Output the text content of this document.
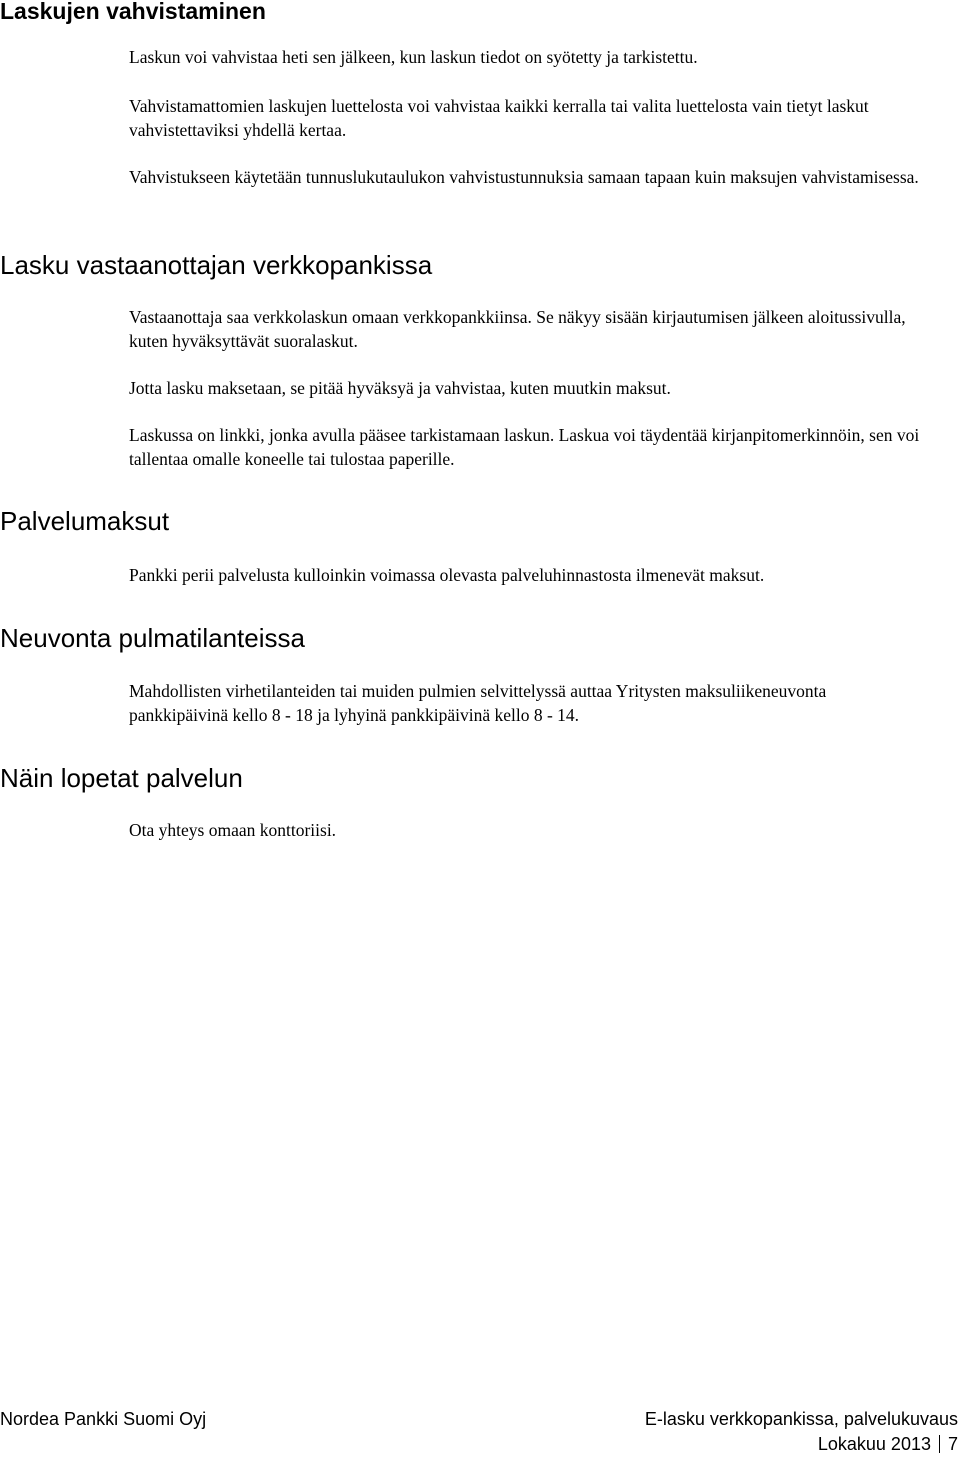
Laskujen vahvistaminen

Laskun voi vahvistaa heti sen jälkeen, kun laskun tiedot on syötetty ja tarkistettu.

Vahvistamattomien laskujen luettelosta voi vahvistaa kaikki kerralla tai valita luettelosta vain tietyt laskut vahvistettaviksi yhdellä kertaa.

Vahvistukseen käytetään tunnuslukutaulukon vahvistustunnuksia samaan tapaan kuin maksujen vahvistamisessa.

Lasku vastaanottajan verkkopankissa

Vastaanottaja saa verkkolaskun omaan verkkopankkiinsa. Se näkyy sisään kirjautumisen jälkeen aloitussivulla, kuten hyväksyttävät suoralaskut.

Jotta lasku maksetaan, se pitää hyväksyä ja vahvistaa, kuten muutkin maksut.

Laskussa on linkki, jonka avulla pääsee tarkistamaan laskun. Laskua voi täydentää kirjanpitomerkinnöin, sen voi tallentaa omalle koneelle tai tulostaa paperille.

Palvelumaksut

Pankki perii palvelusta kulloinkin voimassa olevasta palveluhinnastosta ilmenevät maksut.

Neuvonta pulmatilanteissa

Mahdollisten virhetilanteiden tai muiden pulmien selvittelyssä auttaa Yritysten maksuliikeneuvonta pankkipäivinä kello 8 - 18 ja lyhyinä pankkipäivinä kello 8 - 14.

Näin lopetat palvelun

Ota yhteys omaan konttoriisi.

Nordea Pankki Suomi Oyj	E-lasku verkkopankissa, palvelukuvaus
Lokakuu 2013 7
